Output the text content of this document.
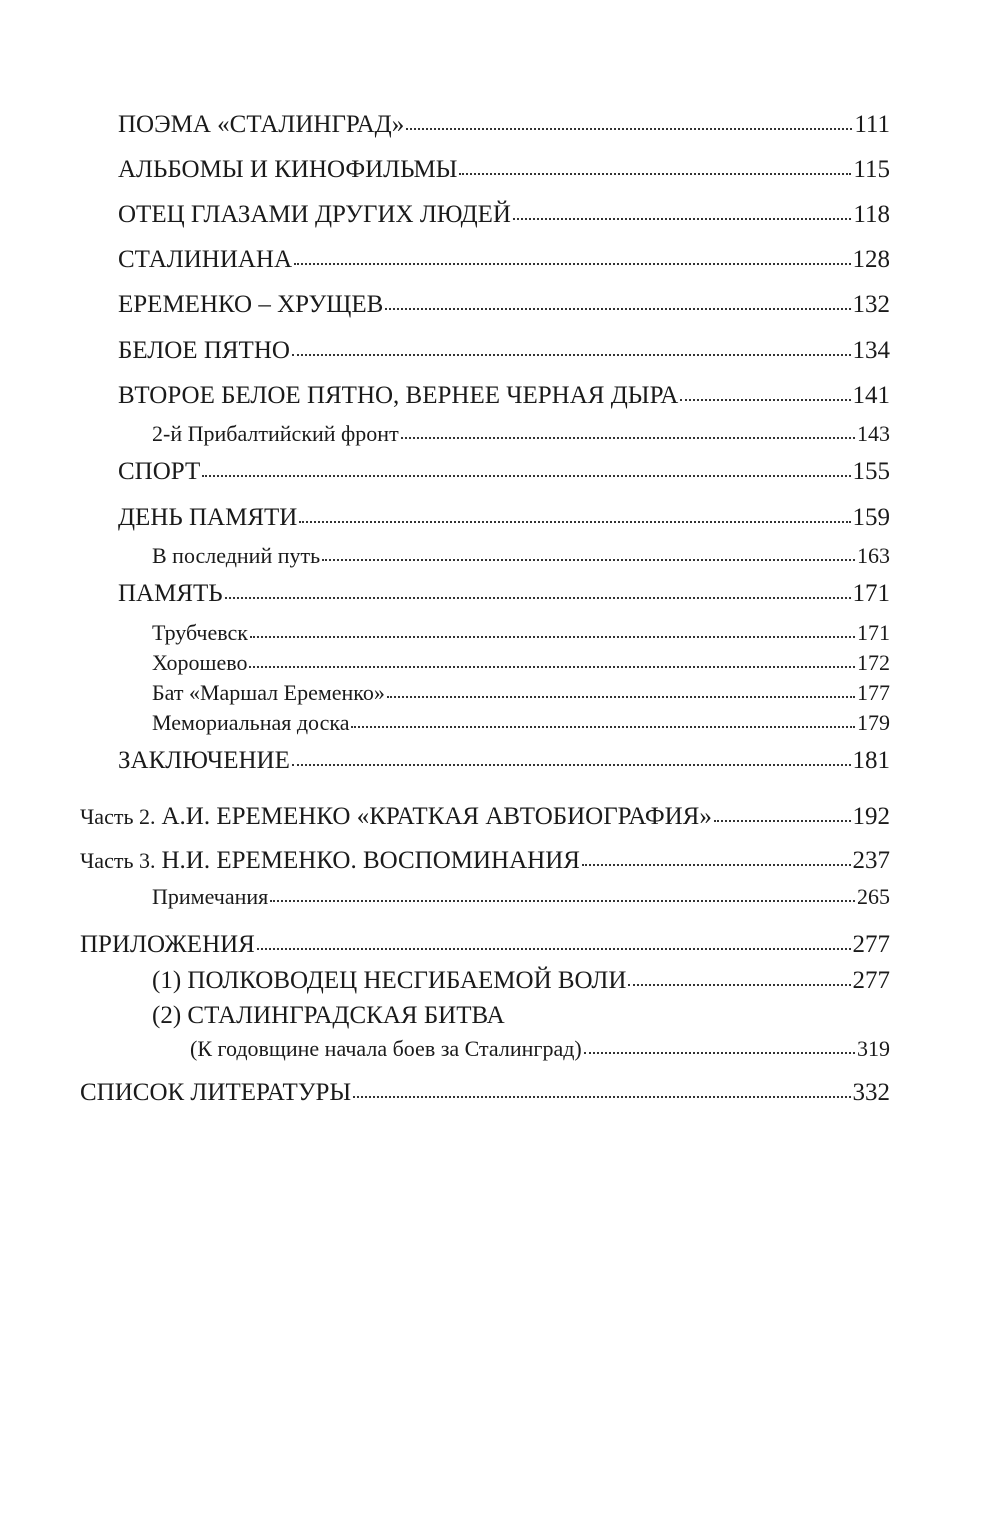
ПОЭМА «СТАЛИНГРАД»	111
АЛЬБОМЫ И КИНОФИЛЬМЫ	115
ОТЕЦ ГЛАЗАМИ ДРУГИХ ЛЮДЕЙ	118
СТАЛИНИАНА	128
ЕРЕМЕНКО – ХРУЩЕВ	132
БЕЛОЕ ПЯТНО	134
ВТОРОЕ БЕЛОЕ ПЯТНО, ВЕРНЕЕ ЧЕРНАЯ ДЫРА	141
2-й Прибалтийский фронт	143
СПОРТ	155
ДЕНЬ ПАМЯТИ	159
В последний путь	163
ПАМЯТЬ	171
Трубчевск	171
Хорошево	172
Бат «Маршал Еременко»	177
Мемориальная доска	179
ЗАКЛЮЧЕНИЕ	181
Часть 2. А.И. ЕРЕМЕНКО «КРАТКАЯ АВТОБИОГРАФИЯ»	192
Часть 3. Н.И. ЕРЕМЕНКО. ВОСПОМИНАНИЯ	237
Примечания	265
ПРИЛОЖЕНИЯ	277
(1) ПОЛКОВОДЕЦ НЕСГИБАЕМОЙ ВОЛИ	277
(2) СТАЛИНГРАДСКАЯ БИТВА
(К годовщине начала боев за Сталинград)	319
СПИСОК ЛИТЕРАТУРЫ	332
